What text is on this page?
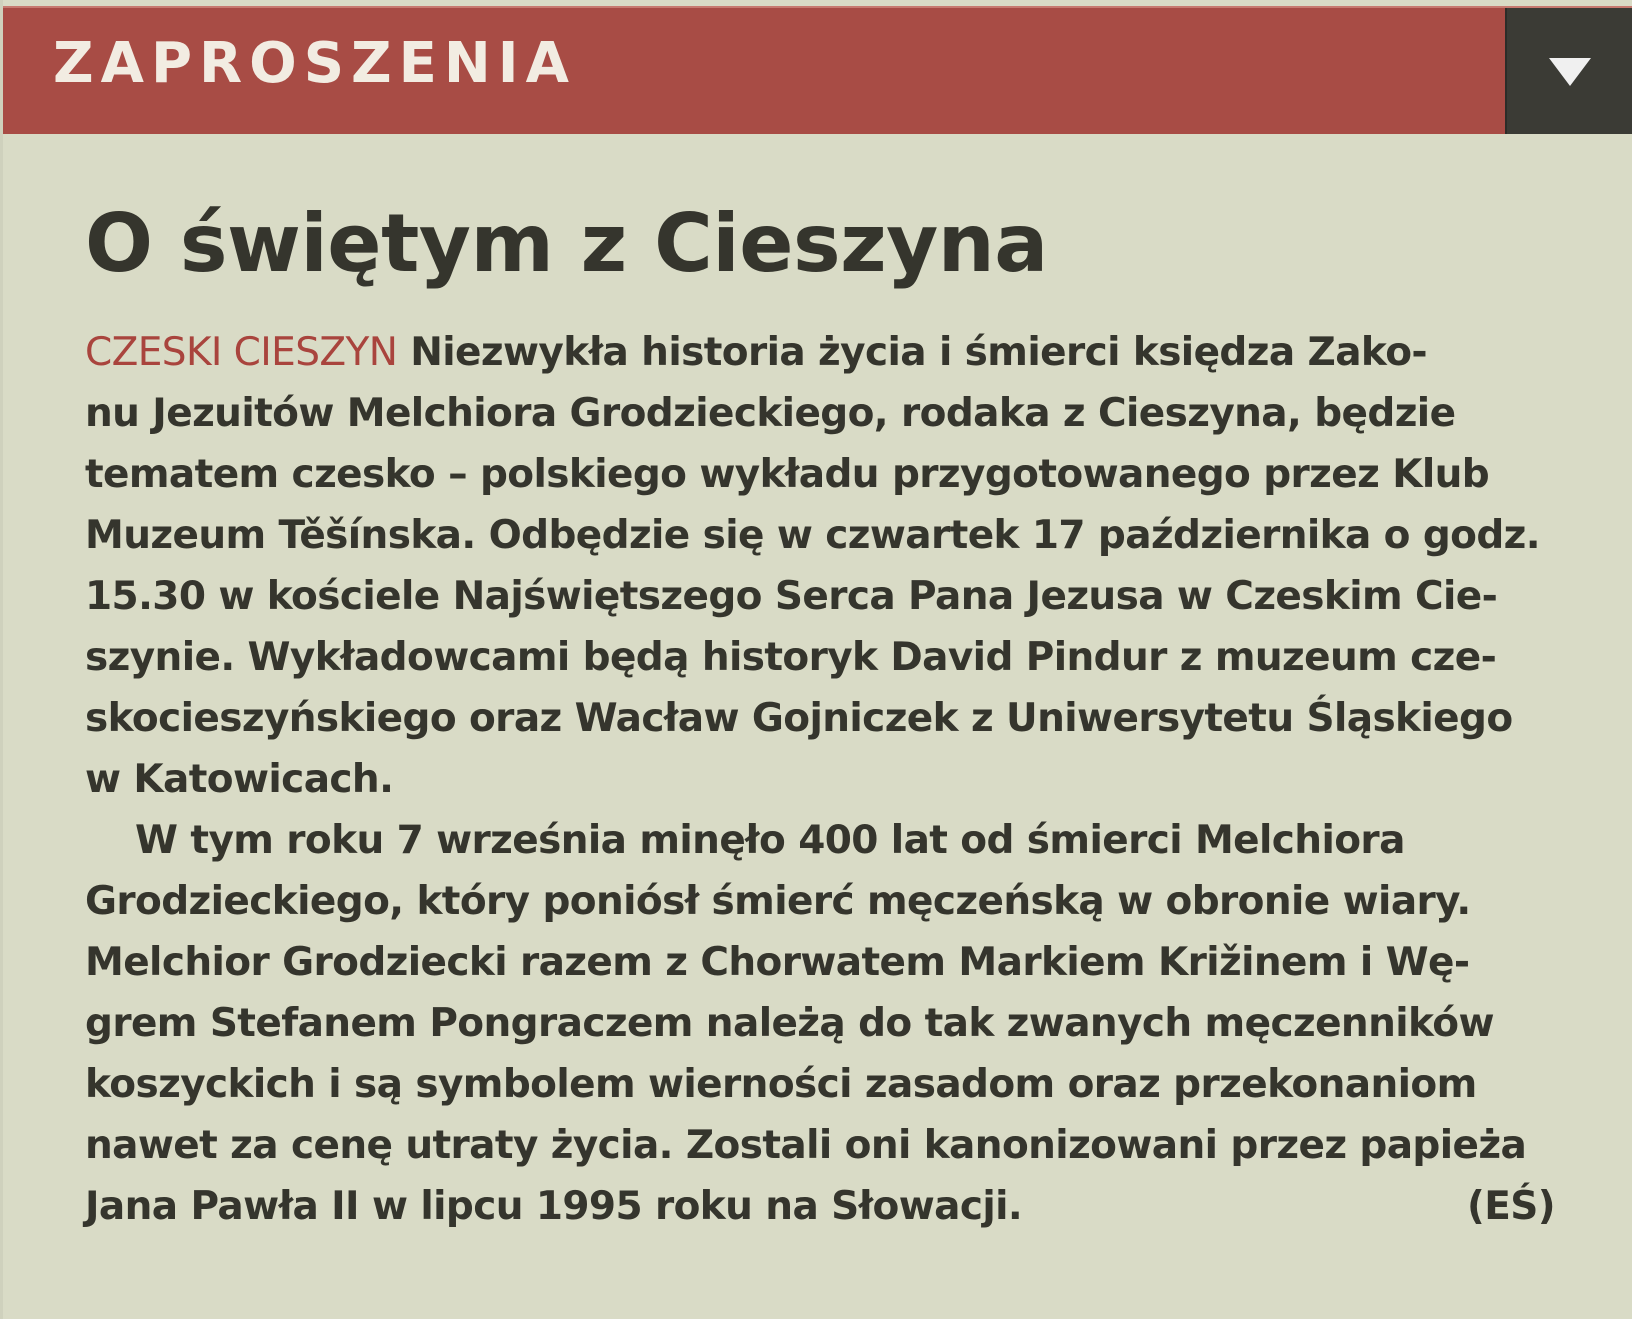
ZAPROSZENIA
O świętym z Cieszyna
CZESKI CIESZYN Niezwykła historia życia i śmierci księdza Zako-
nu Jezuitów Melchiora Grodzieckiego, rodaka z Cieszyna, będzie
tematem czesko – polskiego wykładu przygotowanego przez Klub
Muzeum Těšínska. Odbędzie się w czwartek 17 października o godz.
15.30 w kościele Najświętszego Serca Pana Jezusa w Czeskim Cie-
szynie. Wykładowcami będą historyk David Pindur z muzeum cze-
skocieszyńskiego oraz Wacław Gojniczek z Uniwersytetu Śląskiego
w Katowicach.
W tym roku 7 września minęło 400 lat od śmierci Melchiora
Grodzieckiego, który poniósł śmierć męczeńską w obronie wiary.
Melchior Grodziecki razem z Chorwatem Markiem Križinem i Wę-
grem Stefanem Pongraczem należą do tak zwanych męczenników
koszyckich i są symbolem wierności zasadom oraz przekonaniom
nawet za cenę utraty życia. Zostali oni kanonizowani przez papieża
Jana Pawła II w lipcu 1995 roku na Słowacji.	(EŚ)
